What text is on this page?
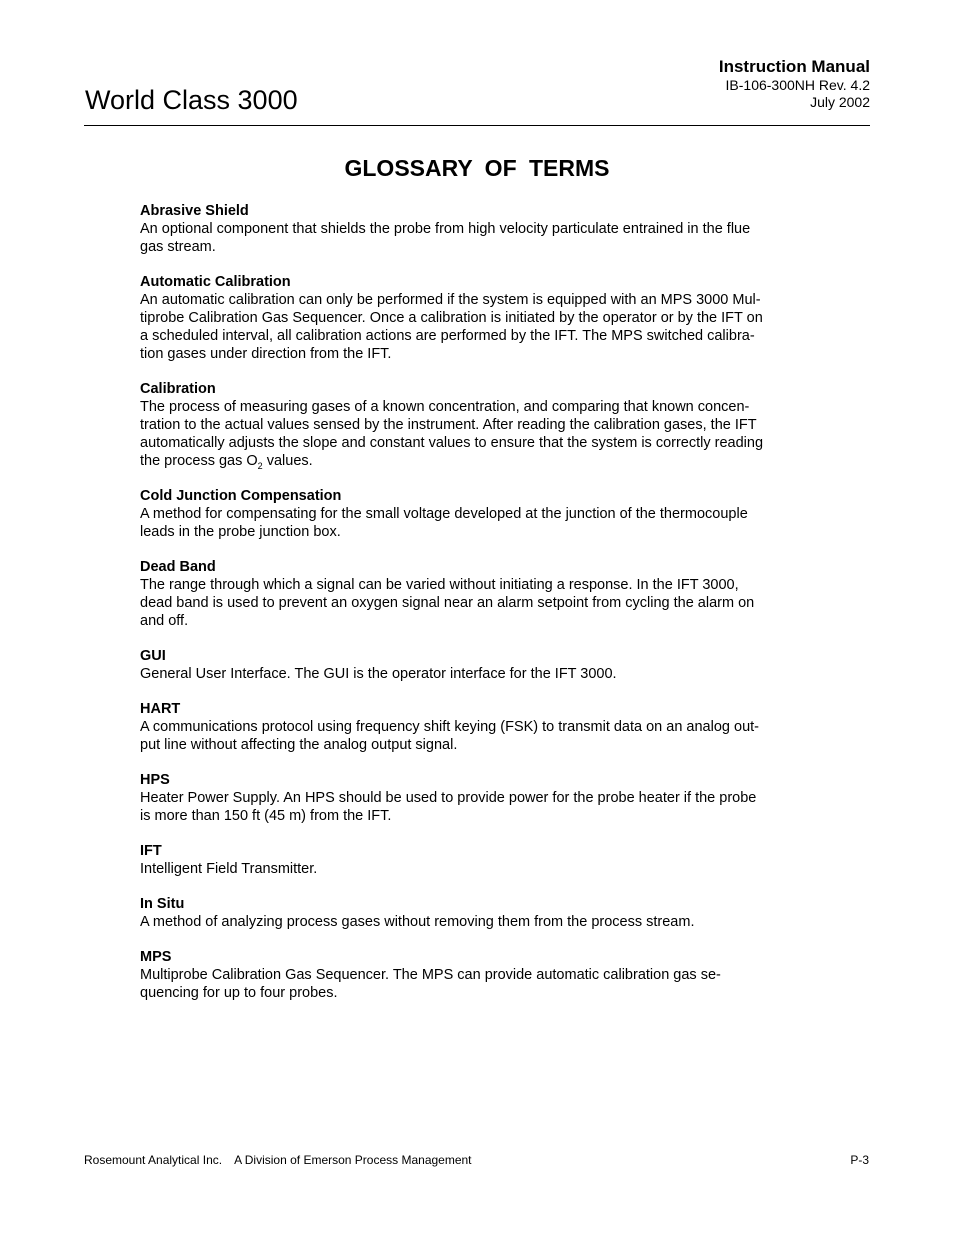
World Class 3000
Instruction Manual
IB-106-300NH Rev. 4.2
July 2002
GLOSSARY OF TERMS
Abrasive Shield
An optional component that shields the probe from high velocity particulate entrained in the flue
gas stream.
Automatic Calibration
An automatic calibration can only be performed if the system is equipped with an MPS 3000 Mul-
tiprobe Calibration Gas Sequencer. Once a calibration is initiated by the operator or by the IFT on
a scheduled interval, all calibration actions are performed by the IFT. The MPS switched calibra-
tion gases under direction from the IFT.
Calibration
The process of measuring gases of a known concentration, and comparing that known concen-
tration to the actual values sensed by the instrument. After reading the calibration gases, the IFT
automatically adjusts the slope and constant values to ensure that the system is correctly reading
the process gas $O_2$ values.
Cold Junction Compensation
A method for compensating for the small voltage developed at the junction of the thermocouple
leads in the probe junction box.
Dead Band
The range through which a signal can be varied without initiating a response. In the IFT 3000,
dead band is used to prevent an oxygen signal near an alarm setpoint from cycling the alarm on
and off.
GUI
General User Interface. The GUI is the operator interface for the IFT 3000.
HART
A communications protocol using frequency shift keying (FSK) to transmit data on an analog out-
put line without affecting the analog output signal.
HPS
Heater Power Supply. An HPS should be used to provide power for the probe heater if the probe
is more than 150 ft (45 m) from the IFT.
IFT
Intelligent Field Transmitter.
In Situ
A method of analyzing process gases without removing them from the process stream.
MPS
Multiprobe Calibration Gas Sequencer. The MPS can provide automatic calibration gas se-
quencing for up to four probes.
Rosemount Analytical Inc. A Division of Emerson Process Management	P-3
